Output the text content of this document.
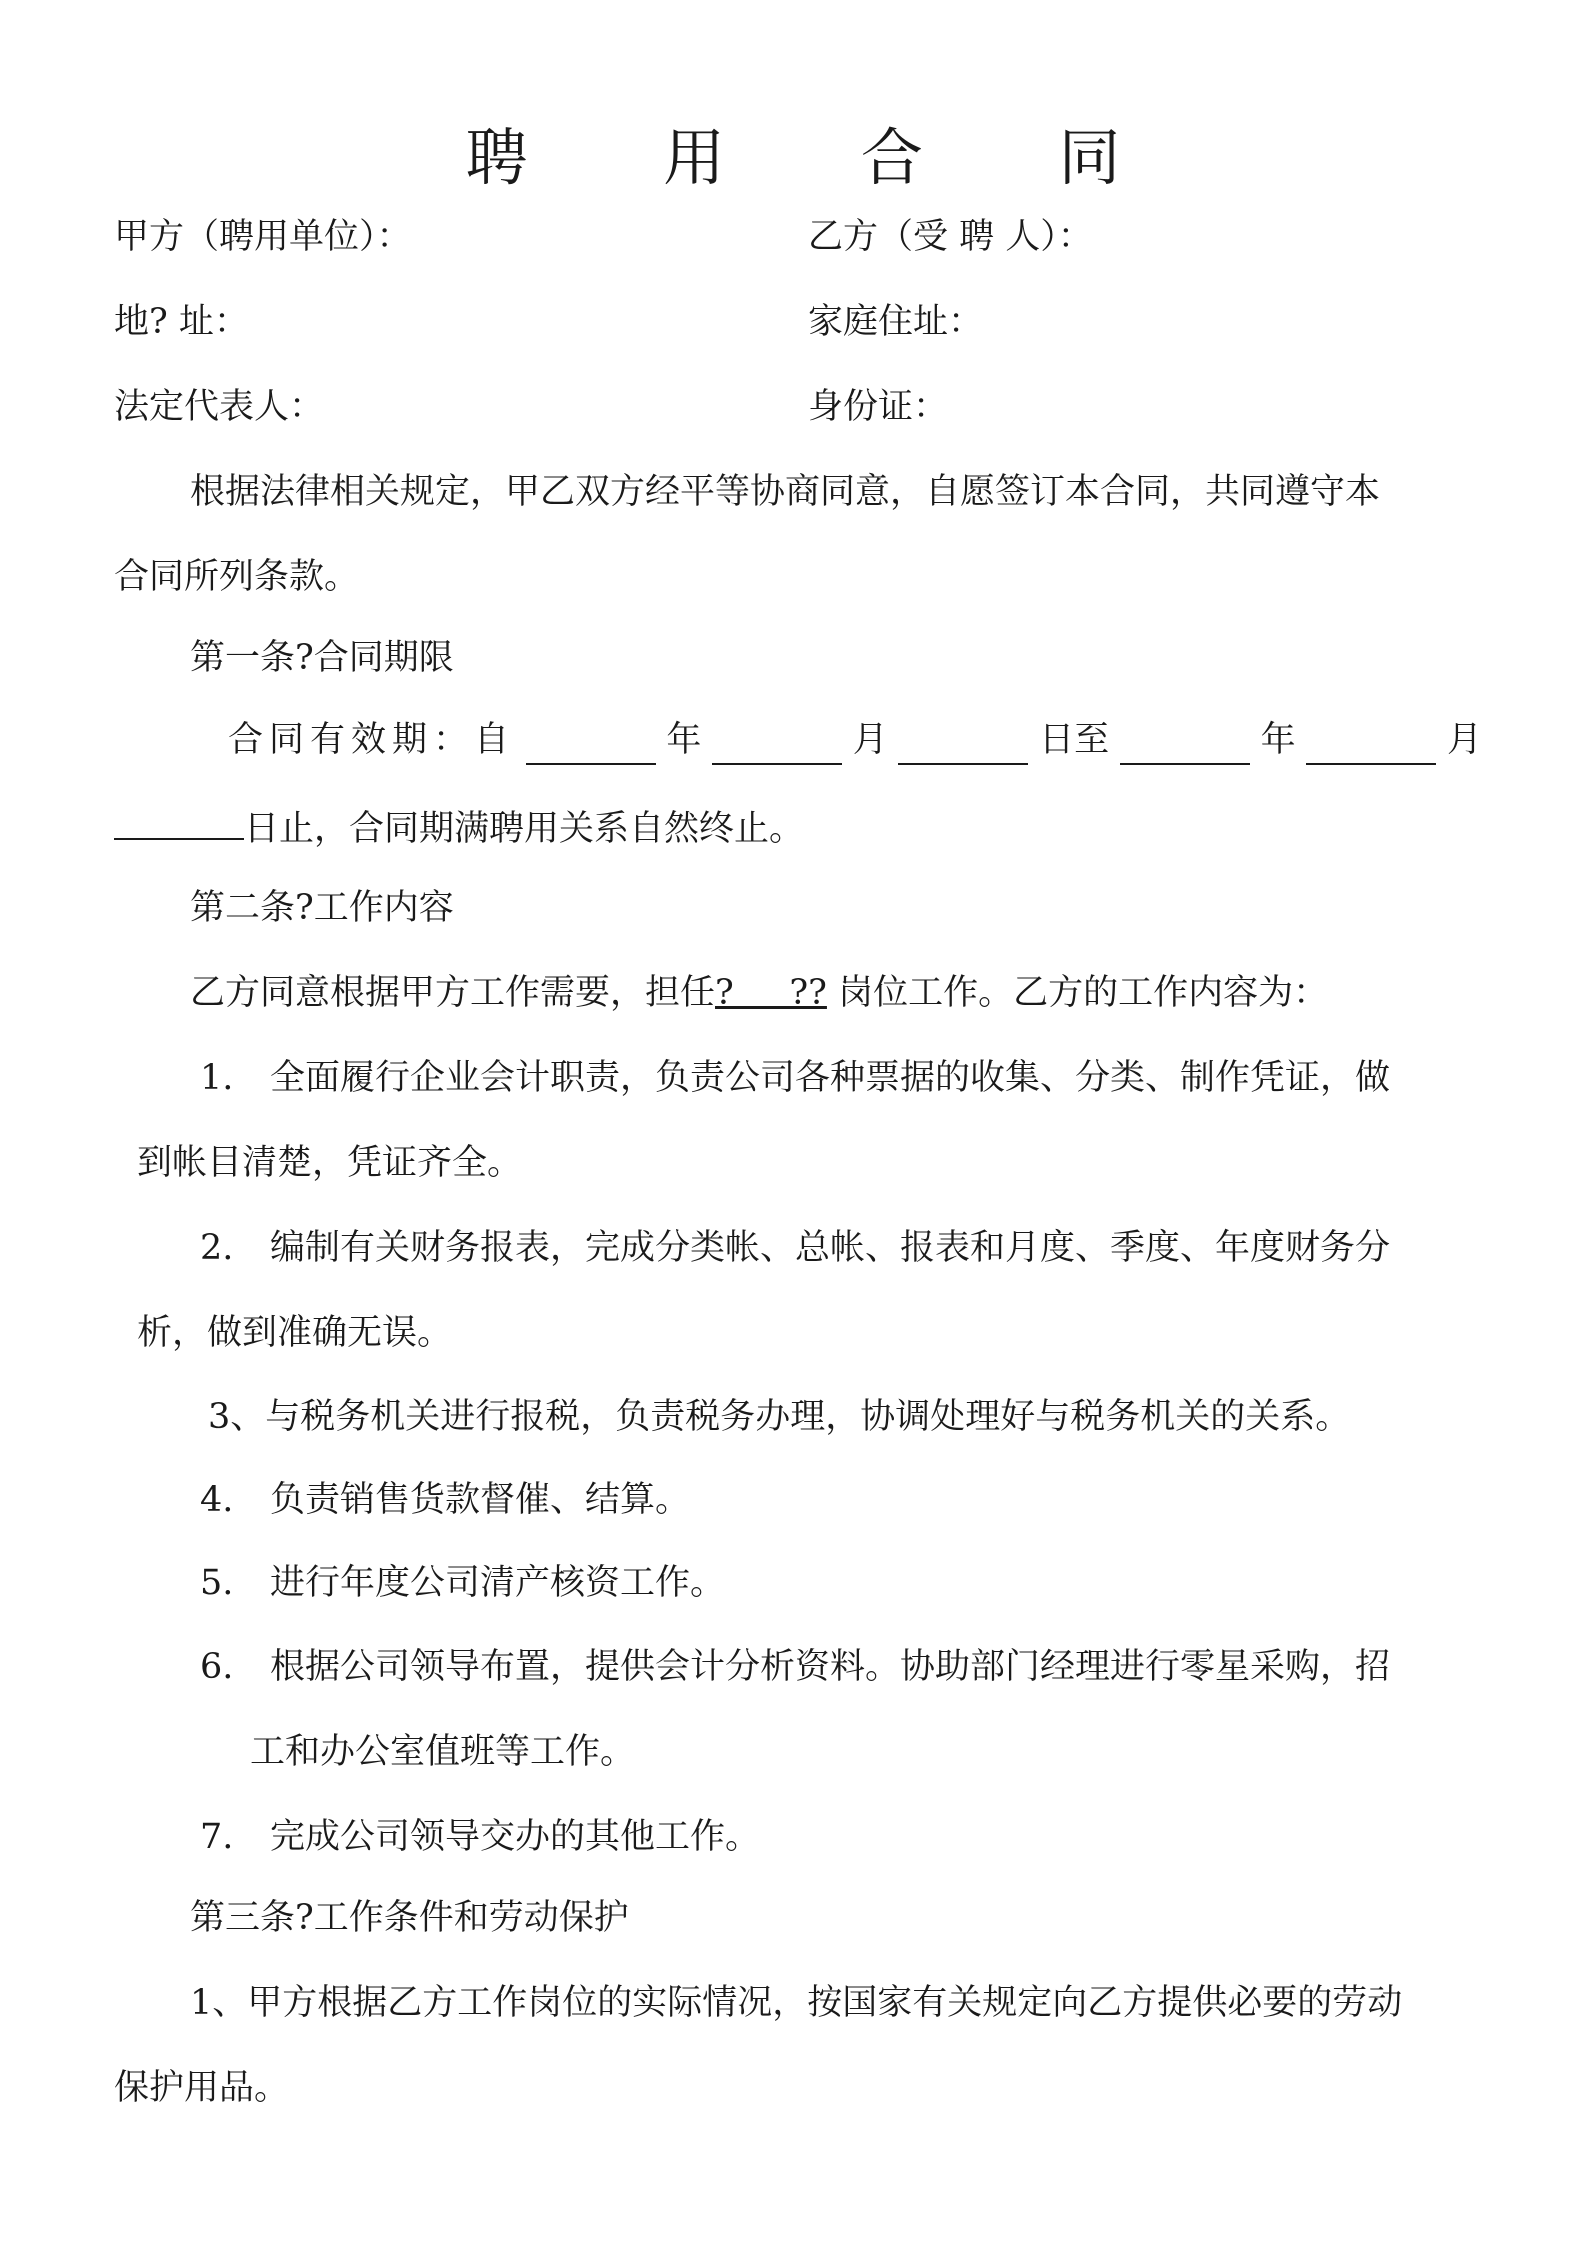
聘 用 合 同
甲方（聘用单位）：	乙方（受 聘 人）：
地? 址：	家庭住址：
法定代表人：	身份证：
根据法律相关规定，甲乙双方经平等协商同意，自愿签订本合同，共同遵守本
合同所列条款。
第一条?合同期限
合同有效期：自	年	月	日至	年	月
日止，合同期满聘用关系自然终止。
第二条?工作内容
乙方同意根据甲方工作需要，担任?     ?? 岗位工作。乙方的工作内容为：
1. 全面履行企业会计职责，负责公司各种票据的收集、分类、制作凭证，做
到帐目清楚，凭证齐全。
2. 编制有关财务报表，完成分类帐、总帐、报表和月度、季度、年度财务分
析，做到准确无误。
3、与税务机关进行报税，负责税务办理，协调处理好与税务机关的关系。
4. 负责销售货款督催、结算。
5. 进行年度公司清产核资工作。
6. 根据公司领导布置，提供会计分析资料。协助部门经理进行零星采购，招
工和办公室值班等工作。
7. 完成公司领导交办的其他工作。
第三条?工作条件和劳动保护
1、甲方根据乙方工作岗位的实际情况，按国家有关规定向乙方提供必要的劳动
保护用品。
